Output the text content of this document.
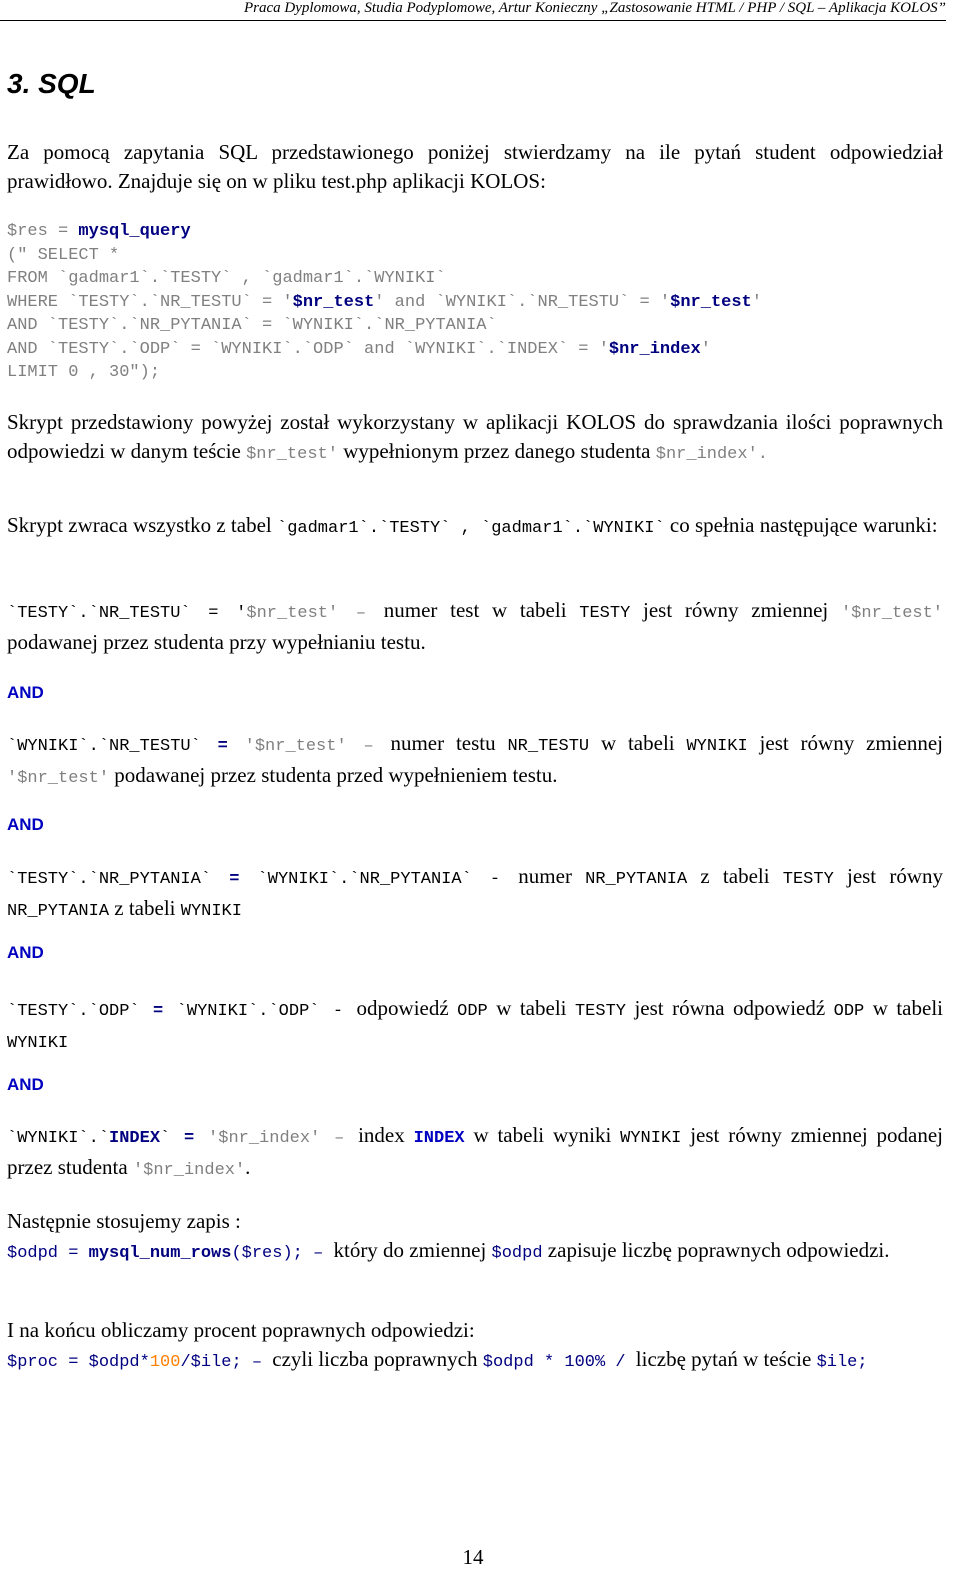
Praca Dyplomowa, Studia Podyplomowe, Artur Konieczny „Zastosowanie HTML / PHP / SQL – Aplikacja KOLOS”
3. SQL

Za pomocą zapytania SQL przedstawionego poniżej stwierdzamy na ile pytań student odpowiedział prawidłowo. Znajduje się on w pliku test.php aplikacji KOLOS:

$res = mysql_query
(" SELECT *
FROM `gadmar1`.`TESTY` , `gadmar1`.`WYNIKI`
WHERE `TESTY`.`NR_TESTU` = '$nr_test' and `WYNIKI`.`NR_TESTU` = '$nr_test'
AND `TESTY`.`NR_PYTANIA` = `WYNIKI`.`NR_PYTANIA`
AND `TESTY`.`ODP` = `WYNIKI`.`ODP` and `WYNIKI`.`INDEX` = '$nr_index'
LIMIT 0 , 30");

Skrypt przedstawiony powyżej został wykorzystany w aplikacji KOLOS do sprawdzania ilości poprawnych odpowiedzi w danym teście $nr_test' wypełnionym przez danego studenta $nr_index'.

Skrypt zwraca wszystko z tabel `gadmar1`.`TESTY` , `gadmar1`.`WYNIKI` co spełnia następujące warunki:

`TESTY`.`NR_TESTU` = '$nr_test' – numer test w tabeli TESTY jest równy zmiennej '$nr_test' podawanej przez studenta przy wypełnianiu testu.

AND

`WYNIKI`.`NR_TESTU` = '$nr_test' – numer testu NR_TESTU w tabeli WYNIKI jest równy zmiennej '$nr_test' podawanej przez studenta przed wypełnieniem testu.

AND

`TESTY`.`NR_PYTANIA` = `WYNIKI`.`NR_PYTANIA` - numer NR_PYTANIA z tabeli TESTY jest równy NR_PYTANIA z tabeli WYNIKI

AND

`TESTY`.`ODP` = `WYNIKI`.`ODP` - odpowiedź ODP w tabeli TESTY jest równa odpowiedź ODP w tabeli WYNIKI

AND

`WYNIKI`.`INDEX` = '$nr_index' – index INDEX w tabeli wyniki WYNIKI jest równy zmiennej podanej przez studenta '$nr_index'.

Następnie stosujemy zapis :

$odpd = mysql_num_rows($res); – który do zmiennej $odpd zapisuje liczbę poprawnych odpowiedzi.

I na końcu obliczamy procent poprawnych odpowiedzi:

$proc = $odpd*100/$ile; – czyli liczba poprawnych $odpd * 100% / liczbę pytań w teście $ile;

14
